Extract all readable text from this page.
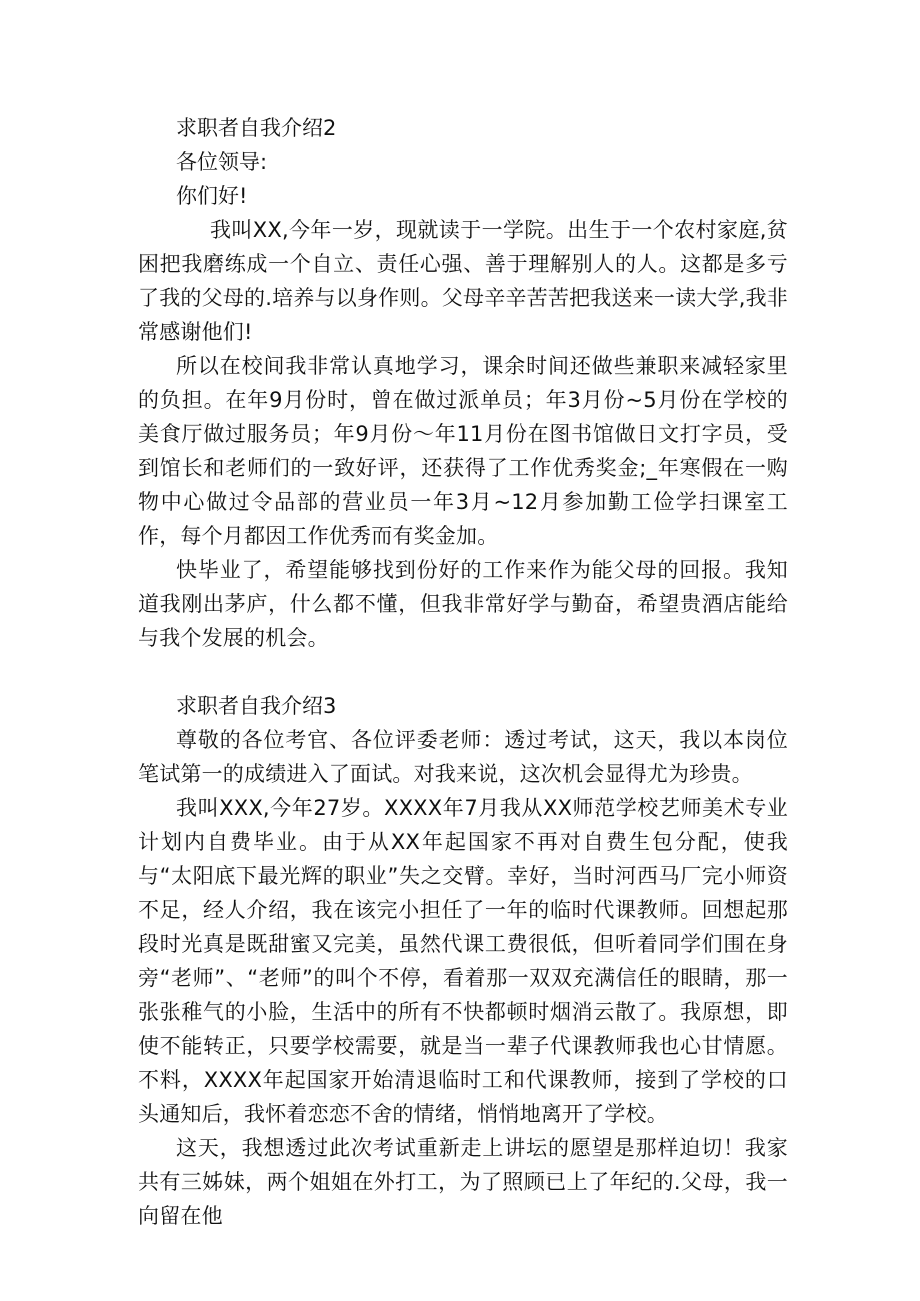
求职者自我介绍2

各位领导:

你们好!

我叫XX,今年一岁，现就读于一学院。出生于一个农村家庭,贫困把我磨练成一个自立、责任心强、善于理解别人的人。这都是多亏了我的父母的.培养与以身作则。父母辛辛苦苦把我送来一读大学,我非常感谢他们!

所以在校间我非常认真地学习，课余时间还做些兼职来减轻家里的负担。在年9月份时，曾在做过派单员；年3月份~5月份在学校的美食厅做过服务员；年9月份～年11月份在图书馆做日文打字员，受到馆长和老师们的一致好评，还获得了工作优秀奖金;_年寒假在一购物中心做过令品部的营业员一年3月~12月参加勤工俭学扫课室工作，每个月都因工作优秀而有奖金加。

快毕业了，希望能够找到份好的工作来作为能父母的回报。我知道我刚出茅庐，什么都不懂，但我非常好学与勤奋，希望贵酒店能给与我个发展的机会。

求职者自我介绍3

尊敬的各位考官、各位评委老师：透过考试，这天，我以本岗位笔试第一的成绩进入了面试。对我来说，这次机会显得尤为珍贵。

我叫XXX,今年27岁。XXXX年7月我从XX师范学校艺师美术专业计划内自费毕业。由于从XX年起国家不再对自费生包分配，使我与“太阳底下最光辉的职业”失之交臂。幸好，当时河西马厂完小师资不足，经人介绍，我在该完小担任了一年的临时代课教师。回想起那段时光真是既甜蜜又完美，虽然代课工费很低，但听着同学们围在身旁“老师”、“老师”的叫个不停，看着那一双双充满信任的眼睛，那一张张稚气的小脸，生活中的所有不快都顿时烟消云散了。我原想，即使不能转正，只要学校需要，就是当一辈子代课教师我也心甘情愿。不料，XXXX年起国家开始清退临时工和代课教师，接到了学校的口头通知后，我怀着恋恋不舍的情绪，悄悄地离开了学校。

这天，我想透过此次考试重新走上讲坛的愿望是那样迫切！我家共有三姊妹，两个姐姐在外打工，为了照顾已上了年纪的.父母，我一向留在他
